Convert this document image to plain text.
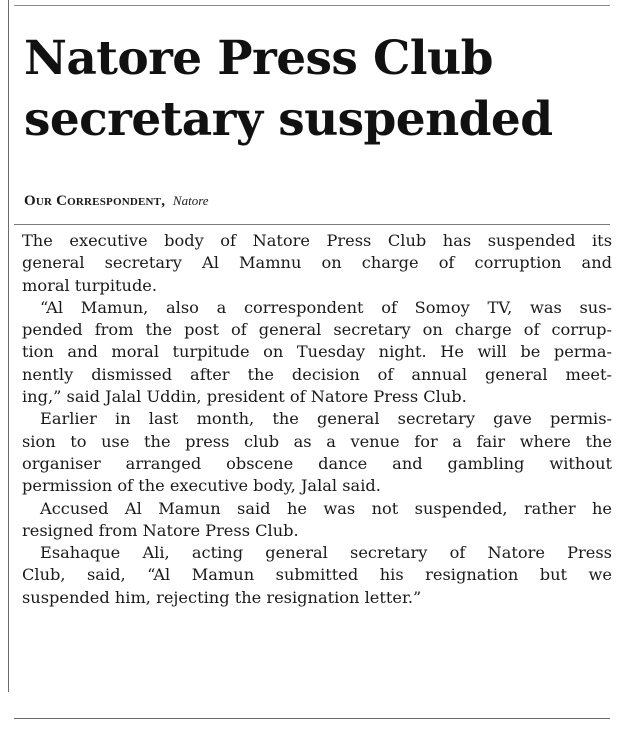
Natore Press Club
secretary suspended
Our Correspondent, Natore
The executive body of Natore Press Club has suspended its
general secretary Al Mamnu on charge of corruption and
moral turpitude.
“Al Mamun, also a correspondent of Somoy TV, was sus-
pended from the post of general secretary on charge of corrup-
tion and moral turpitude on Tuesday night. He will be perma-
nently dismissed after the decision of annual general meet-
ing,” said Jalal Uddin, president of Natore Press Club.
Earlier in last month, the general secretary gave permis-
sion to use the press club as a venue for a fair where the
organiser arranged obscene dance and gambling without
permission of the executive body, Jalal said.
Accused Al Mamun said he was not suspended, rather he
resigned from Natore Press Club.
Esahaque Ali, acting general secretary of Natore Press
Club, said, “Al Mamun submitted his resignation but we
suspended him, rejecting the resignation letter.”
